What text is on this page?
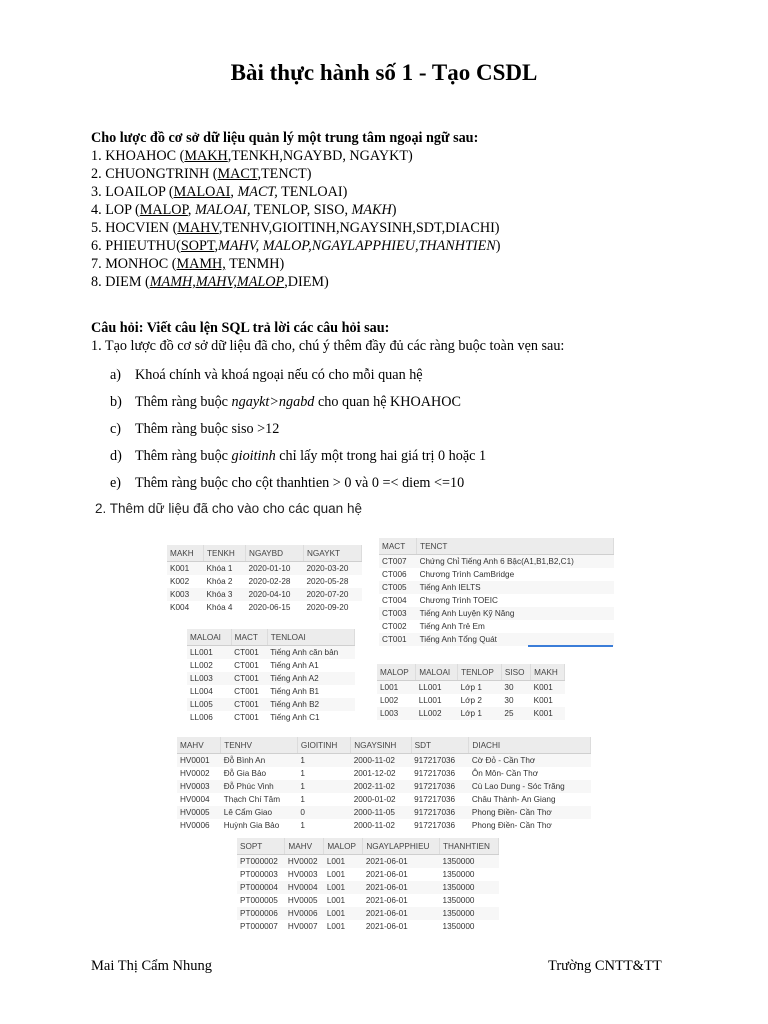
Bài thực hành số 1 - Tạo CSDL
Cho lược đồ cơ sở dữ liệu quản lý một trung tâm ngoại ngữ sau:
1. KHOAHOC (MAKH,TENKH,NGAYBD, NGAYKT)
2. CHUONGTRINH (MACT,TENCT)
3. LOAILOP (MALOAI, MACT, TENLOAI)
4. LOP (MALOP, MALOAI, TENLOP, SISO, MAKH)
5. HOCVIEN (MAHV,TENHV,GIOITINH,NGAYSINH,SDT,DIACHI)
6. PHIEUTHU(SOPT,MAHV, MALOP,NGAYLAPPHIEU,THANHTIEN)
7. MONHOC (MAMH, TENMH)
8. DIEM (MAMH,MAHV,MALOP,DIEM)
Câu hỏi: Viết câu lện SQL trả lời các câu hỏi sau:
1. Tạo lược đồ cơ sở dữ liệu đã cho, chú ý thêm đầy đủ các ràng buộc toàn vẹn sau:
a) Khoá chính và khoá ngoại nếu có cho mỗi quan hệ
b) Thêm ràng buộc ngaykt>ngabd cho quan hệ KHOAHOC
c) Thêm ràng buộc siso >12
d) Thêm ràng buộc gioitinh chỉ lấy một trong hai giá trị 0 hoặc 1
e) Thêm ràng buộc cho cột thanhtien > 0 và 0 =< diem <=10
2. Thêm dữ liệu đã cho vào cho các quan hệ
MAKH	TENKH	NGAYBD	NGAYKT
K001	Khóa 1	2020-01-10	2020-03-20
K002	Khóa 2	2020-02-28	2020-05-28
K003	Khóa 3	2020-04-10	2020-07-20
K004	Khóa 4	2020-06-15	2020-09-20
MACT	TENCT
CT007	Chứng Chỉ Tiếng Anh 6 Bậc(A1,B1,B2,C1)
CT006	Chương Trình CamBridge
CT005	Tiếng Anh IELTS
CT004	Chương Trình TOEIC
CT003	Tiếng Anh Luyện Kỹ Năng
CT002	Tiếng Anh Trẻ Em
CT001	Tiếng Anh Tổng Quát
MALOAI	MACT	TENLOAI
LL001	CT001	Tiếng Anh căn bản
LL002	CT001	Tiếng Anh A1
LL003	CT001	Tiếng Anh A2
LL004	CT001	Tiếng Anh B1
LL005	CT001	Tiếng Anh B2
LL006	CT001	Tiếng Anh C1
MALOP	MALOAI	TENLOP	SISO	MAKH
L001	LL001	Lớp 1	30	K001
L002	LL001	Lớp 2	30	K001
L003	LL002	Lớp 1	25	K001
MAHV	TENHV	GIOITINH	NGAYSINH	SDT	DIACHI
HV0001	Đỗ Bình An	1	2000-11-02	917217036	Cờ Đỏ - Cần Thơ
HV0002	Đỗ Gia Bảo	1	2001-12-02	917217036	Ôn Môn- Cần Thơ
HV0003	Đỗ Phúc Vinh	1	2002-11-02	917217036	Cù Lao Dung - Sóc Trăng
HV0004	Thạch Chí Tâm	1	2000-01-02	917217036	Châu Thành- An Giang
HV0005	Lê Cẩm Giao	0	2000-11-05	917217036	Phong Điền- Cần Thơ
HV0006	Huỳnh Gia Bảo	1	2000-11-02	917217036	Phong Điền- Cần Thơ
SOPT	MAHV	MALOP	NGAYLAPPHIEU	THANHTIEN
PT000002	HV0002	L001	2021-06-01	1350000
PT000003	HV0003	L001	2021-06-01	1350000
PT000004	HV0004	L001	2021-06-01	1350000
PT000005	HV0005	L001	2021-06-01	1350000
PT000006	HV0006	L001	2021-06-01	1350000
PT000007	HV0007	L001	2021-06-01	1350000
Mai Thị Cẩm Nhung	Trường CNTT&TT
